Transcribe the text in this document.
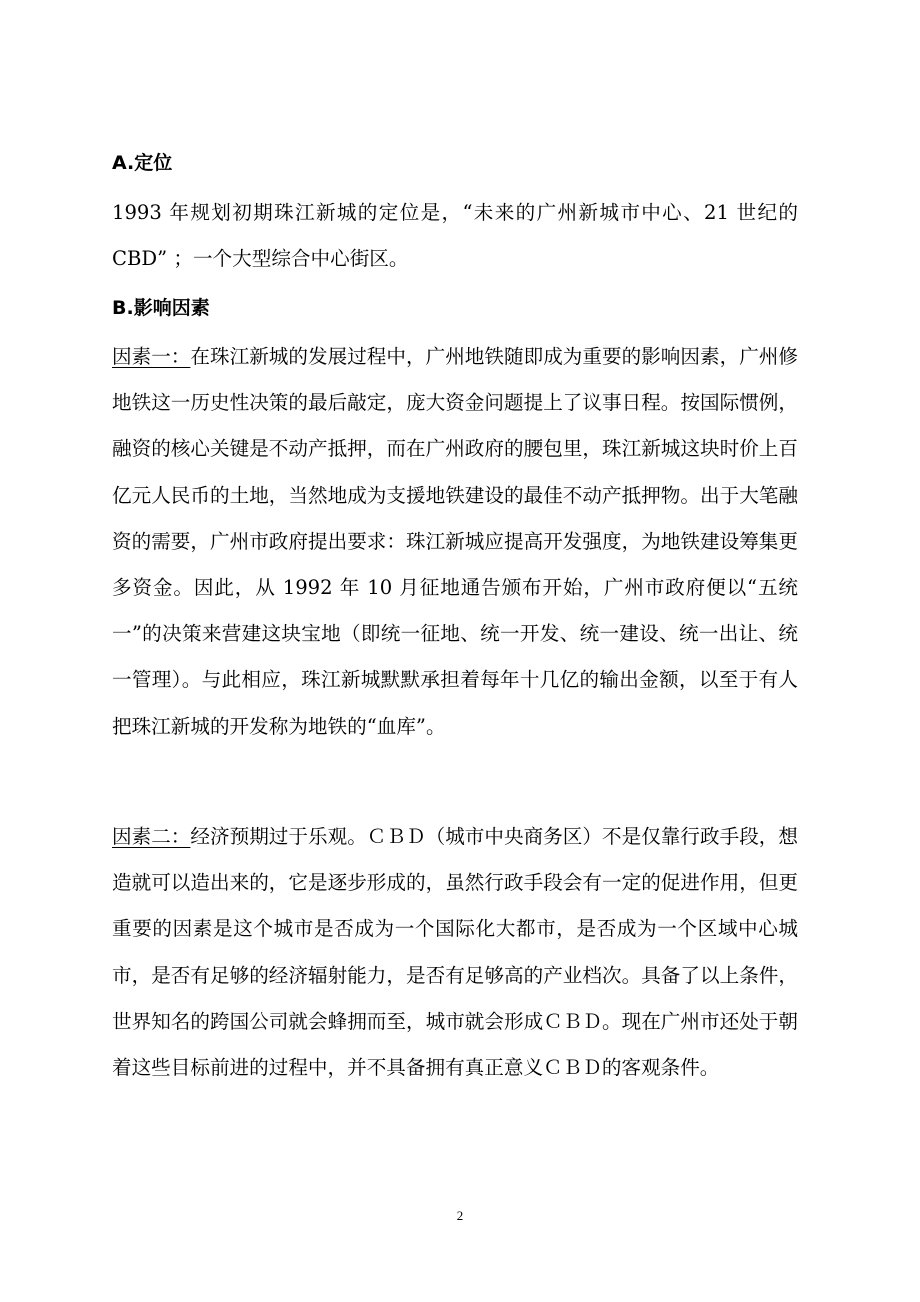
A.定位

1993 年规划初期珠江新城的定位是，“未来的广州新城市中心、21 世纪的 CBD” ；一个大型综合中心街区。

B.影响因素

因素一：在珠江新城的发展过程中，广州地铁随即成为重要的影响因素，广州修地铁这一历史性决策的最后敲定，庞大资金问题提上了议事日程。按国际惯例，融资的核心关键是不动产抵押，而在广州政府的腰包里，珠江新城这块时价上百亿元人民币的土地，当然地成为支援地铁建设的最佳不动产抵押物。出于大笔融资的需要，广州市政府提出要求：珠江新城应提高开发强度，为地铁建设筹集更多资金。因此，从 1992 年 10 月征地通告颁布开始，广州市政府便以“五统一”的决策来营建这块宝地（即统一征地、统一开发、统一建设、统一出让、统一管理）。与此相应，珠江新城默默承担着每年十几亿的输出金额，以至于有人把珠江新城的开发称为地铁的“血库”。

因素二：经济预期过于乐观。ＣＢＤ（城市中央商务区）不是仅靠行政手段，想造就可以造出来的，它是逐步形成的，虽然行政手段会有一定的促进作用，但更重要的因素是这个城市是否成为一个国际化大都市，是否成为一个区域中心城市，是否有足够的经济辐射能力，是否有足够高的产业档次。具备了以上条件，世界知名的跨国公司就会蜂拥而至，城市就会形成ＣＢＤ。现在广州市还处于朝着这些目标前进的过程中，并不具备拥有真正意义ＣＢＤ的客观条件。

2
